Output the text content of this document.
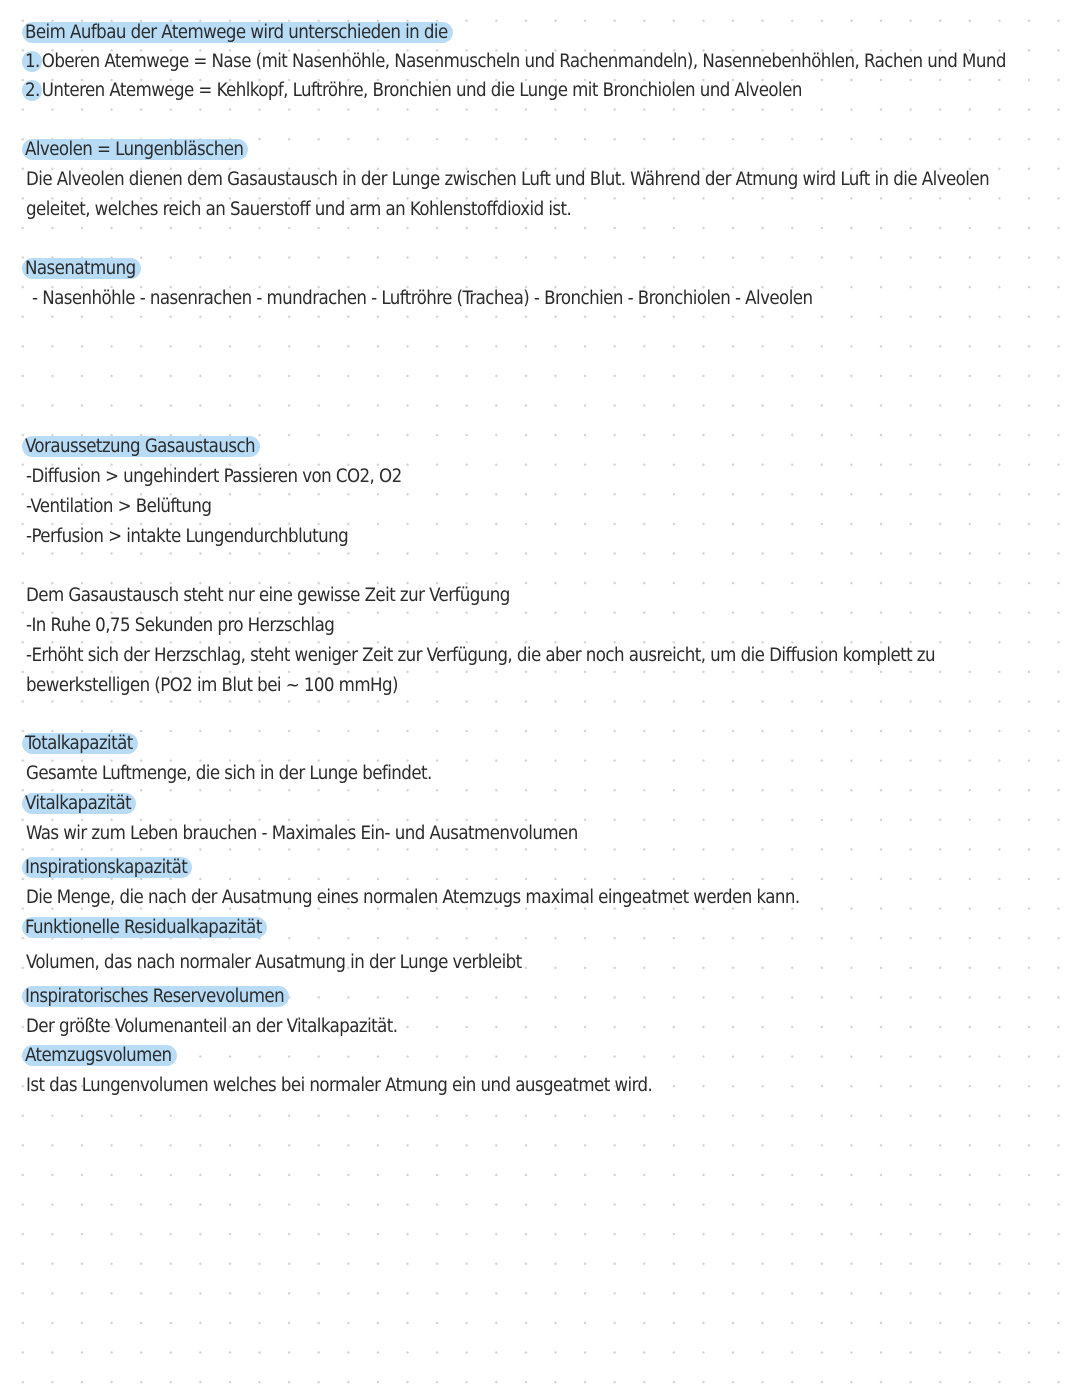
Beim Aufbau der Atemwege wird unterschieden in die
1. Oberen Atemwege = Nase (mit Nasenhöhle, Nasenmuscheln und Rachenmandeln), Nasennebenhöhlen, Rachen und Mund
2. Unteren Atemwege = Kehlkopf, Luftröhre, Bronchien und die Lunge mit Bronchiolen und Alveolen
Alveolen = Lungenbläschen
Die Alveolen dienen dem Gasaustausch in der Lunge zwischen Luft und Blut. Während der Atmung wird Luft in die Alveolen
geleitet, welches reich an Sauerstoff und arm an Kohlenstoffdioxid ist.
Nasenatmung
- Nasenhöhle - nasenrachen - mundrachen - Luftröhre (Trachea) - Bronchien - Bronchiolen - Alveolen
Voraussetzung Gasaustausch
-Diffusion > ungehindert Passieren von CO2, O2
-Ventilation > Belüftung
-Perfusion > intakte Lungendurchblutung
Dem Gasaustausch steht nur eine gewisse Zeit zur Verfügung
-In Ruhe 0,75 Sekunden pro Herzschlag
-Erhöht sich der Herzschlag, steht weniger Zeit zur Verfügung, die aber noch ausreicht, um die Diffusion komplett zu
bewerkstelligen (PO2 im Blut bei ~ 100 mmHg)
Totalkapazität
Gesamte Luftmenge, die sich in der Lunge befindet.
Vitalkapazität
Was wir zum Leben brauchen - Maximales Ein- und Ausatmenvolumen
Inspirationskapazität
Die Menge, die nach der Ausatmung eines normalen Atemzugs maximal eingeatmet werden kann.
Funktionelle Residualkapazität
Volumen, das nach normaler Ausatmung in der Lunge verbleibt
Inspiratorisches Reservevolumen
Der größte Volumenanteil an der Vitalkapazität.
Atemzugsvolumen
Ist das Lungenvolumen welches bei normaler Atmung ein und ausgeatmet wird.
